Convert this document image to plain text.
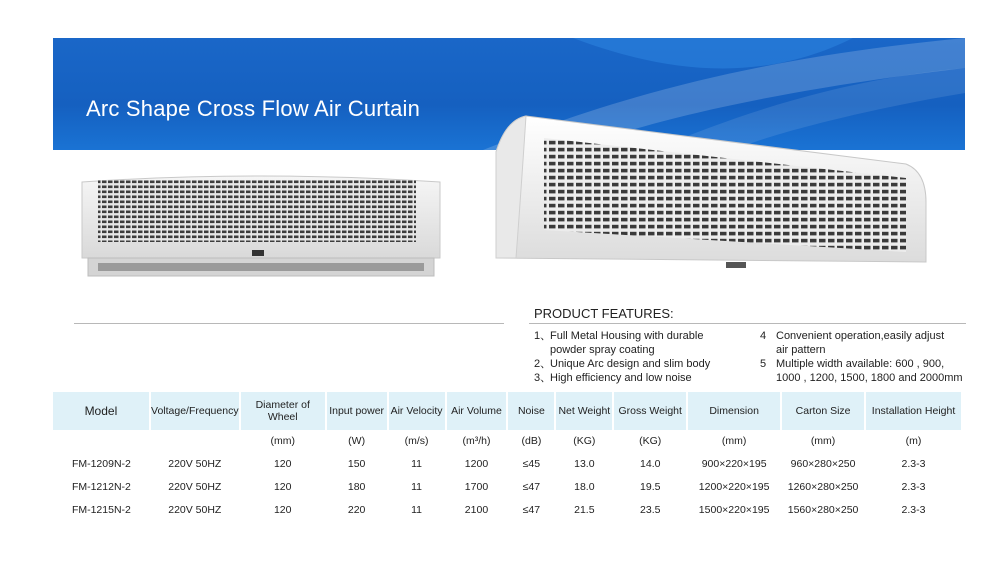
Arc Shape Cross Flow Air Curtain
PRODUCT FEATURES:
1、Full Metal Housing with durable
powder spray coating
2、Unique Arc design and slim body
3、High efficiency and low noise
4 Convenient operation,easily adjust
air pattern
5 Multiple width available: 600 , 900,
1000 , 1200, 1500, 1800 and 2000mm
Model	Voltage/Frequency	Diameter of Wheel	Input power	Air Velocity	Air Volume	Noise	Net Weight	Gross Weight	Dimension	Carton Size	Installation Height
		(mm)	(W)	(m/s)	(m³/h)	(dB)	(KG)	(KG)	(mm)	(mm)	(m)
FM-1209N-2	220V 50HZ	120	150	11	1200	≤45	13.0	14.0	900×220×195	960×280×250	2.3-3
FM-1212N-2	220V 50HZ	120	180	11	1700	≤47	18.0	19.5	1200×220×195	1260×280×250	2.3-3
FM-1215N-2	220V 50HZ	120	220	11	2100	≤47	21.5	23.5	1500×220×195	1560×280×250	2.3-3
